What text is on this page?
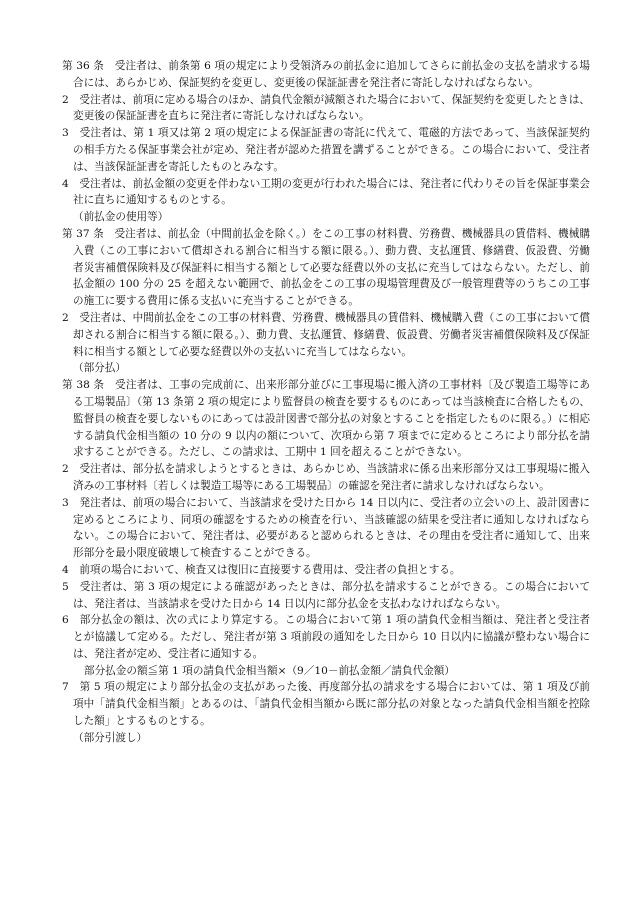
第 36 条　受注者は、前条第 6 項の規定により受領済みの前払金に追加してさらに前払金の支払を請求する場合には、あらかじめ、保証契約を変更し、変更後の保証証書を発注者に寄託しなければならない。

2　受注者は、前項に定める場合のほか、請負代金額が減額された場合において、保証契約を変更したときは、変更後の保証証書を直ちに発注者に寄託しなければならない。

3　受注者は、第 1 項又は第 2 項の規定による保証証書の寄託に代えて、電磁的方法であって、当該保証契約の相手方たる保証事業会社が定め、発注者が認めた措置を講ずることができる。この場合において、受注者は、当該保証証書を寄託したものとみなす。

4　受注者は、前払金額の変更を伴わない工期の変更が行われた場合には、発注者に代わりその旨を保証事業会社に直ちに通知するものとする。

（前払金の使用等）

第 37 条　受注者は、前払金（中間前払金を除く。）をこの工事の材料費、労務費、機械器具の賃借料、機械購入費（この工事において償却される割合に相当する額に限る。）、動力費、支払運賃、修繕費、仮設費、労働者災害補償保険料及び保証料に相当する額として必要な経費以外の支払に充当してはならない。ただし、前払金額の 100 分の 25 を超えない範囲で、前払金をこの工事の現場管理費及び一般管理費等のうちこの工事の施工に要する費用に係る支払いに充当することができる。

2　受注者は、中間前払金をこの工事の材料費、労務費、機械器具の賃借料、機械購入費（この工事において償却される割合に相当する額に限る。）、動力費、支払運賃、修繕費、仮設費、労働者災害補償保険料及び保証料に相当する額として必要な経費以外の支払いに充当してはならない。

（部分払）

第 38 条　受注者は、工事の完成前に、出来形部分並びに工事現場に搬入済の工事材料〔及び製造工場等にある工場製品〕（第 13 条第 2 項の規定により監督員の検査を要するものにあっては当該検査に合格したもの、監督員の検査を要しないものにあっては設計図書で部分払の対象とすることを指定したものに限る。）に相応する請負代金相当額の 10 分の 9 以内の額について、次項から第 7 項までに定めるところにより部分払を請求することができる。ただし、この請求は、工期中 1 回を超えることができない。

2　受注者は、部分払を請求しようとするときは、あらかじめ、当該請求に係る出来形部分又は工事現場に搬入済みの工事材料〔若しくは製造工場等にある工場製品〕の確認を発注者に請求しなければならない。

3　発注者は、前項の場合において、当該請求を受けた日から 14 日以内に、受注者の立会いの上、設計図書に定めるところにより、同項の確認をするための検査を行い、当該確認の結果を受注者に通知しなければならない。この場合において、発注者は、必要があると認められるときは、その理由を受注者に通知して、出来形部分を最小限度破壊して検査することができる。

4　前項の場合において、検査又は復旧に直接要する費用は、受注者の負担とする。

5　受注者は、第 3 項の規定による確認があったときは、部分払を請求することができる。この場合においては、発注者は、当該請求を受けた日から 14 日以内に部分払金を支払わなければならない。

6　部分払金の額は、次の式により算定する。この場合において第 1 項の請負代金相当額は、発注者と受注者とが協議して定める。ただし、発注者が第 3 項前段の通知をした日から 10 日以内に協議が整わない場合には、発注者が定め、受注者に通知する。

部分払金の額≦第 1 項の請負代金相当額×（9／10－前払金額／請負代金額）

7　第 5 項の規定により部分払金の支払があった後、再度部分払の請求をする場合においては、第 1 項及び前項中「請負代金相当額」とあるのは、「請負代金相当額から既に部分払の対象となった請負代金相当額を控除した額」とするものとする。

（部分引渡し）
